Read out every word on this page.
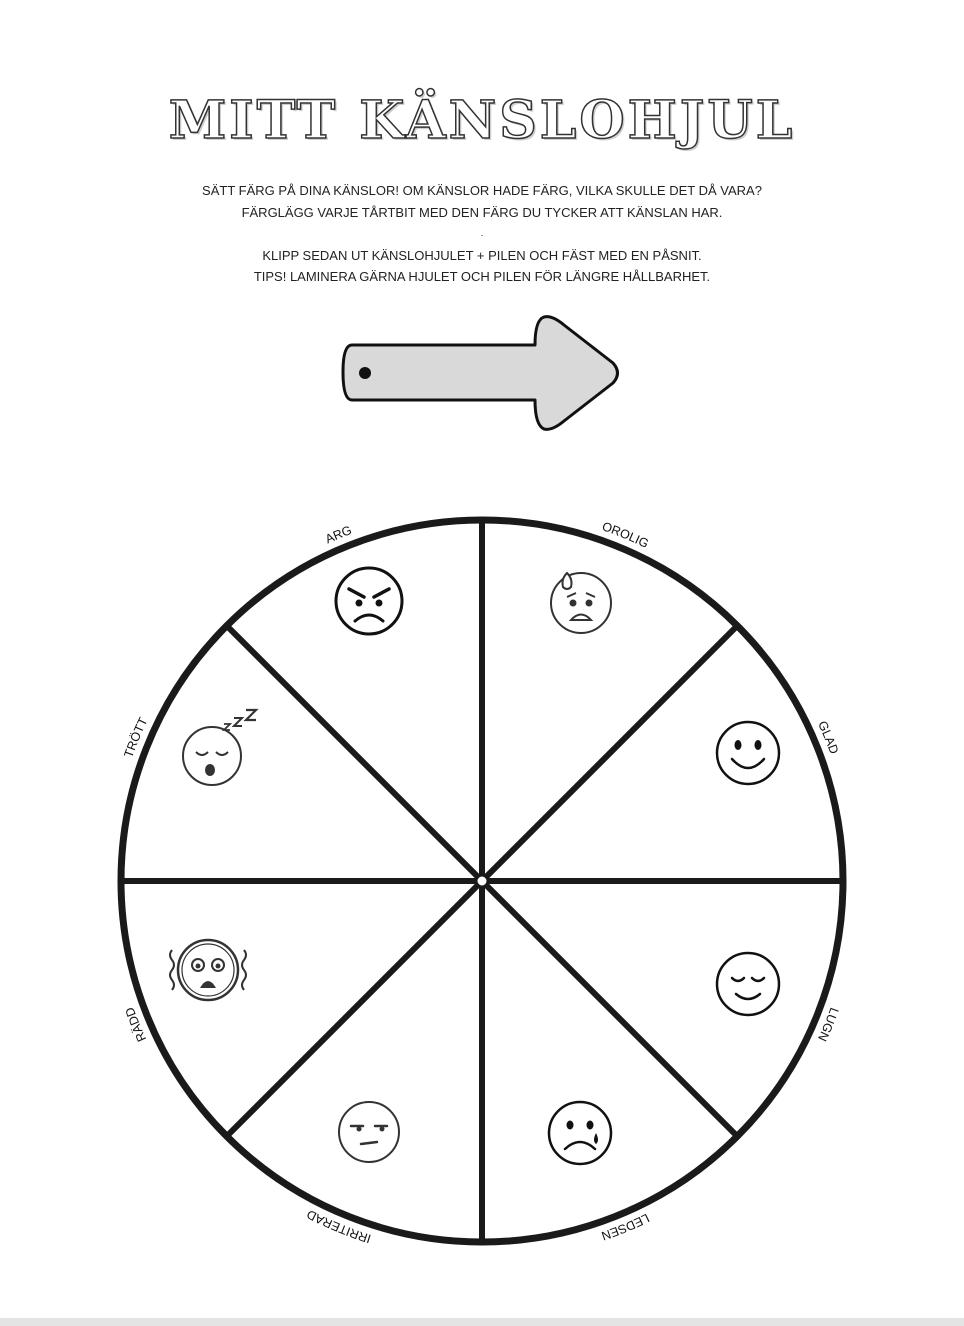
MITT KÄNSLOHJUL
SÄTT FÄRG PÅ DINA KÄNSLOR! OM KÄNSLOR HADE FÄRG, VILKA SKULLE DET DÅ VARA?
FÄRGLÄGG VARJE TÅRTBIT MED DEN FÄRG DU TYCKER ATT KÄNSLAN HAR.
.
KLIPP SEDAN UT KÄNSLOHJULET + PILEN OCH FÄST MED EN PÅSNIT.
TIPS! LAMINERA GÄRNA HJULET OCH PILEN FÖR LÄNGRE HÅLLBARHET.
OROLIG
GLAD
LUGN
LEDSEN
IRRITERAD
RÄDD
TRÖTT
ARG
